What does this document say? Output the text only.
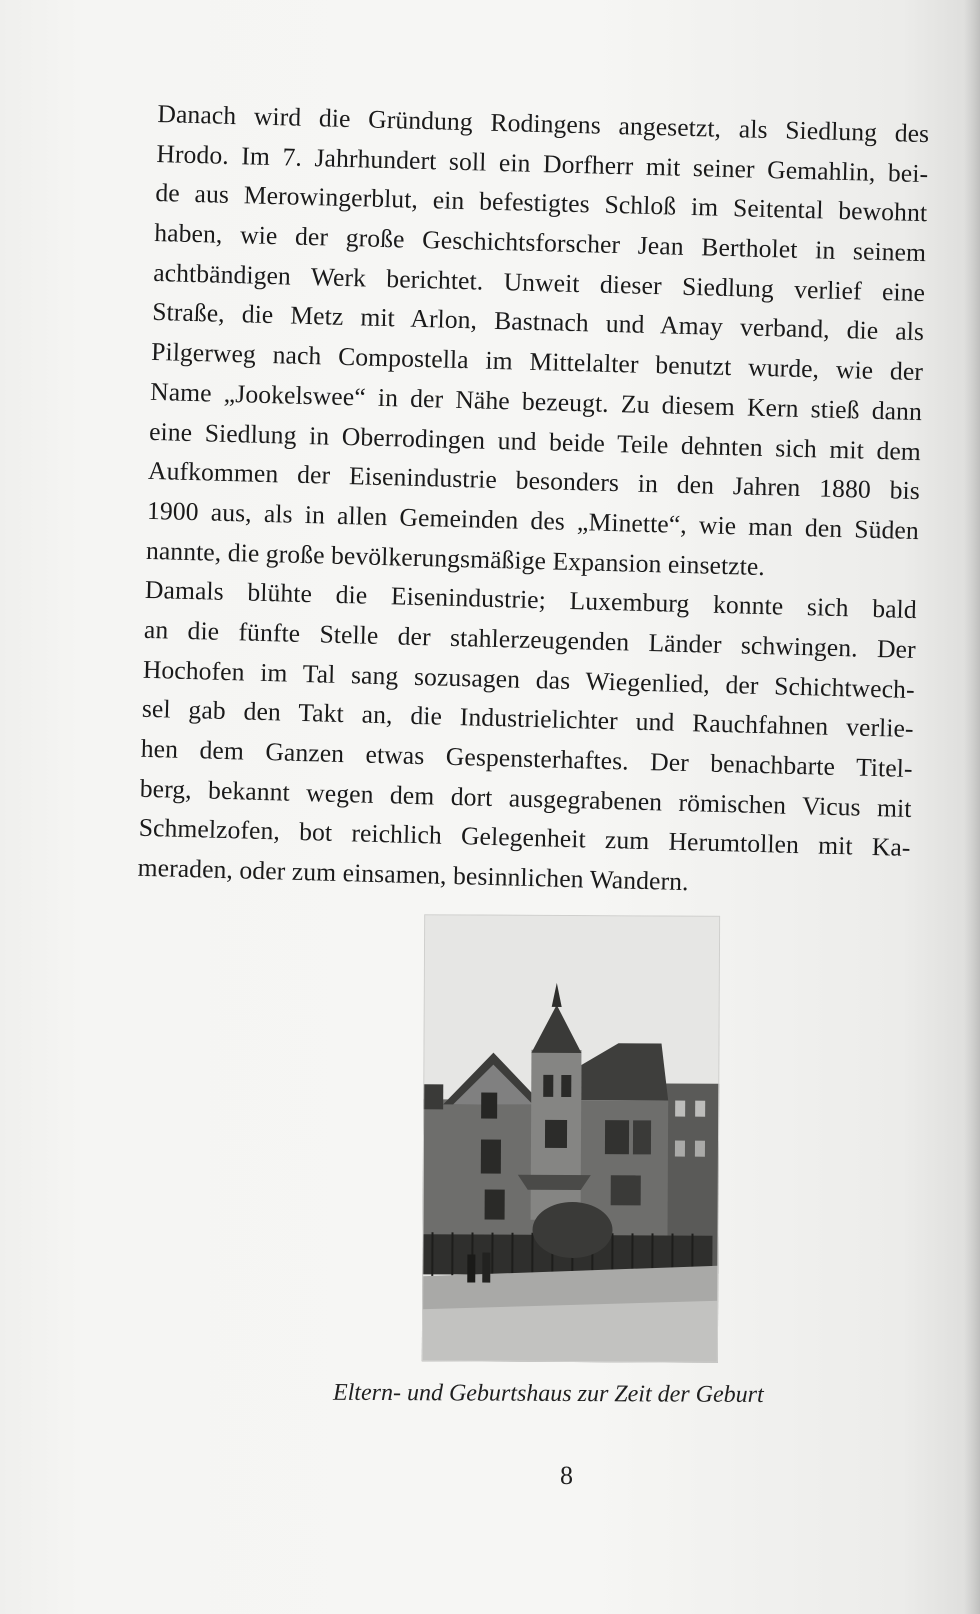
Danach wird die Gründung Rodingens angesetzt, als Siedlung des
Hrodo. Im 7. Jahrhundert soll ein Dorfherr mit seiner Gemahlin, bei-
de aus Merowingerblut, ein befestigtes Schloß im Seitental bewohnt
haben, wie der große Geschichtsforscher Jean Bertholet in seinem
achtbändigen Werk berichtet. Unweit dieser Siedlung verlief eine
Straße, die Metz mit Arlon, Bastnach und Amay verband, die als
Pilgerweg nach Compostella im Mittelalter benutzt wurde, wie der
Name „Jookelswee“ in der Nähe bezeugt. Zu diesem Kern stieß dann
eine Siedlung in Oberrodingen und beide Teile dehnten sich mit dem
Aufkommen der Eisenindustrie besonders in den Jahren 1880 bis
1900 aus, als in allen Gemeinden des „Minette“, wie man den Süden
nannte, die große bevölkerungsmäßige Expansion einsetzte.
Damals blühte die Eisenindustrie; Luxemburg konnte sich bald
an die fünfte Stelle der stahlerzeugenden Länder schwingen. Der
Hochofen im Tal sang sozusagen das Wiegenlied, der Schichtwech-
sel gab den Takt an, die Industrielichter und Rauchfahnen verlie-
hen dem Ganzen etwas Gespensterhaftes. Der benachbarte Titel-
berg, bekannt wegen dem dort ausgegrabenen römischen Vicus mit
Schmelzofen, bot reichlich Gelegenheit zum Herumtollen mit Ka-
meraden, oder zum einsamen, besinnlichen Wandern.
Eltern- und Geburtshaus zur Zeit der Geburt
8
